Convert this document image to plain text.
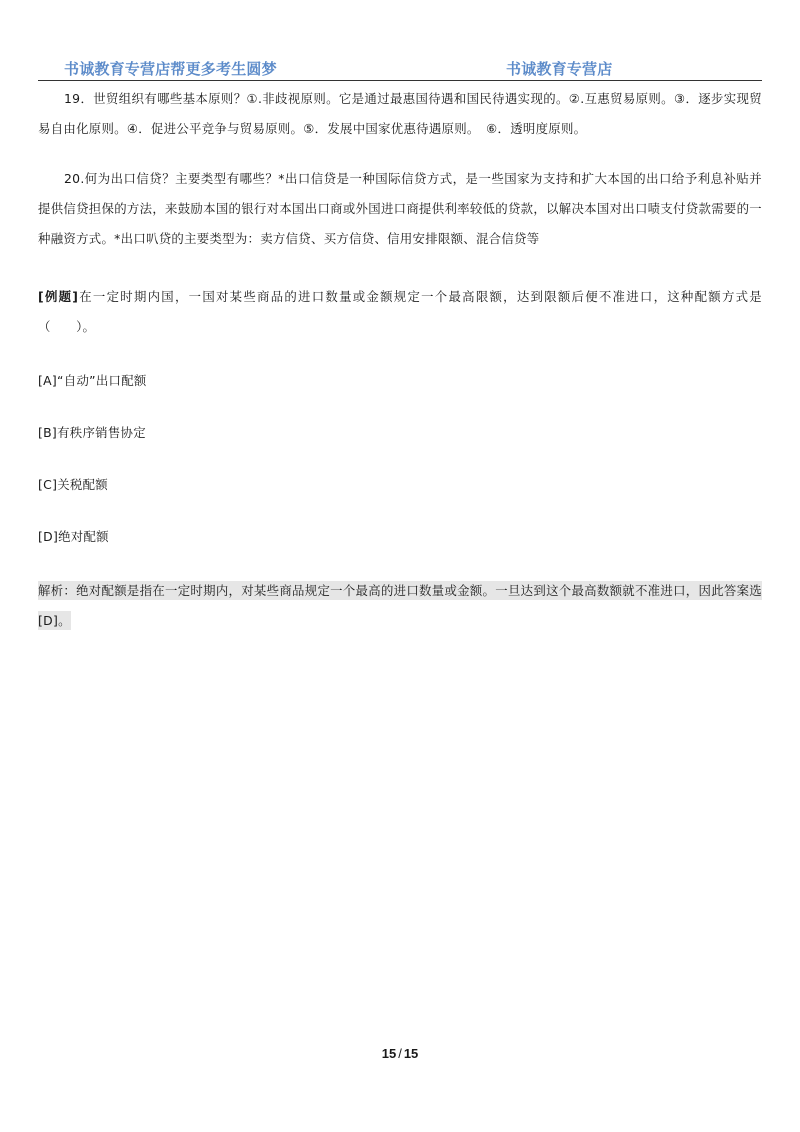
书诚教育专营店帮更多考生圆梦	书诚教育专营店
19．世贸组织有哪些基本原则？①.非歧视原则。它是通过最惠国待遇和国民待遇实现的。②.互惠贸易原则。③．逐步实现贸易自由化原则。④．促进公平竞争与贸易原则。⑤．发展中国家优惠待遇原则。　⑥．透明度原则。
20.何为出口信贷？主要类型有哪些？*出口信贷是一种国际信贷方式，是一些国家为支持和扩大本国的出口给予利息补贴并提供信贷担保的方法，来鼓励本国的银行对本国出口商或外国进口商提供利率较低的贷款，以解决本国对出口啧支付贷款需要的一种融资方式。*出口叭贷的主要类型为：卖方信贷、买方信贷、信用安排限额、混合信贷等
[例题]在一定时期内国，一国对某些商品的进口数量或金额规定一个最高限额，达到限额后便不准进口，这种配额方式是（　　）。
[A]“自动”出口配额
[B]有秩序销售协定
[C]关税配额
[D]绝对配额
解析：绝对配额是指在一定时期内，对某些商品规定一个最高的进口数量或金额。一旦达到这个最高数额就不准进口，因此答案选[D]。
15 / 15
